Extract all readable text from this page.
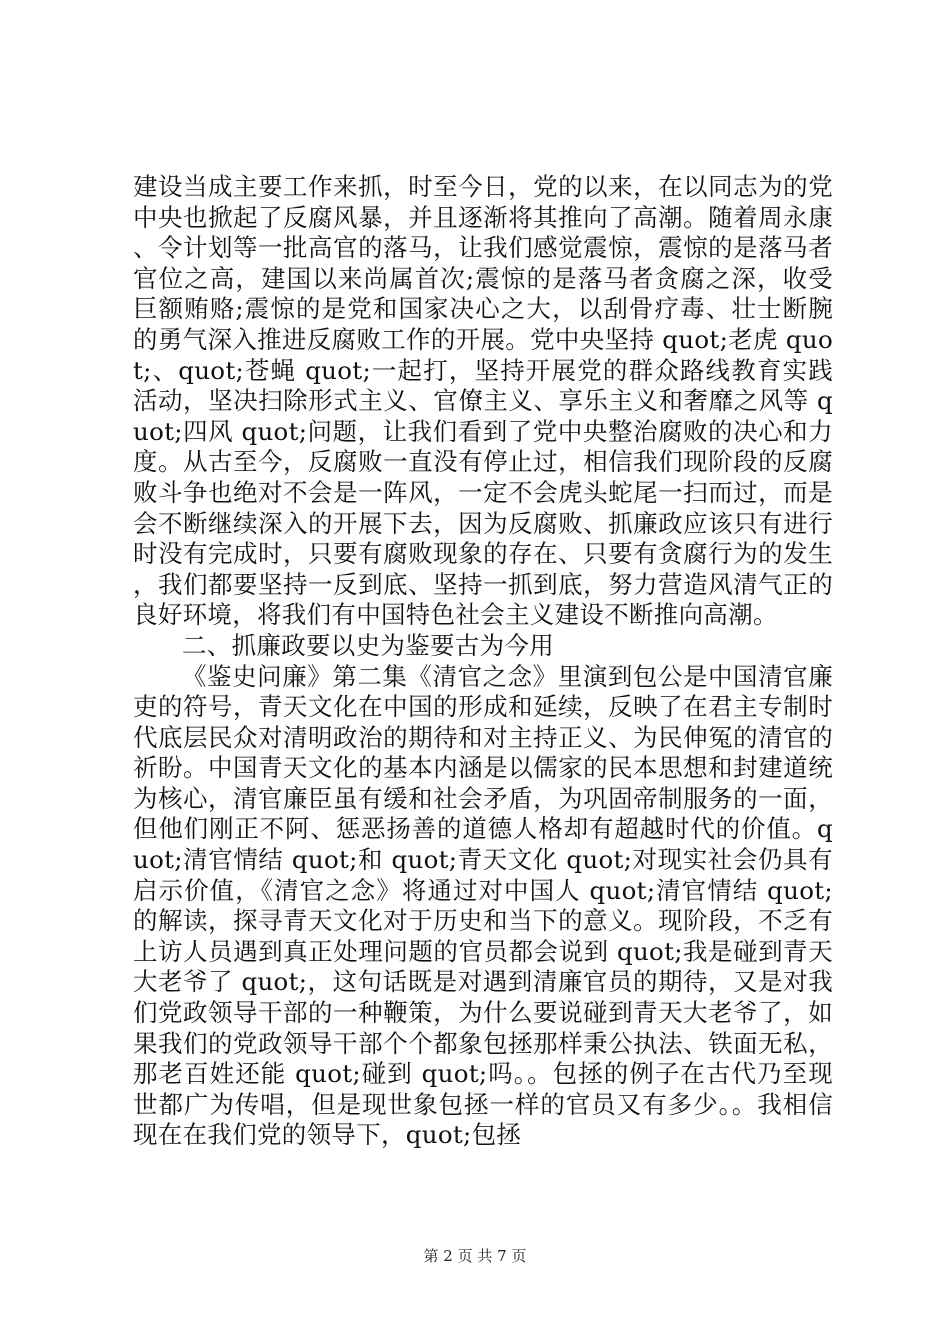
建设当成主要工作来抓，时至今日，党的以来，在以同志为的党中央也掀起了反腐风暴，并且逐渐将其推向了高潮。随着周永康、令计划等一批高官的落马，让我们感觉震惊，震惊的是落马者官位之高，建国以来尚属首次;震惊的是落马者贪腐之深，收受巨额贿赂;震惊的是党和国家决心之大，以刮骨疗毒、壮士断腕的勇气深入推进反腐败工作的开展。党中央坚持 quot;老虎 quot;、quot;苍蝇 quot;一起打，坚持开展党的群众路线教育实践活动，坚决扫除形式主义、官僚主义、享乐主义和奢靡之风等 quot;四风 quot;问题，让我们看到了党中央整治腐败的决心和力度。从古至今，反腐败一直没有停止过，相信我们现阶段的反腐败斗争也绝对不会是一阵风，一定不会虎头蛇尾一扫而过，而是会不断继续深入的开展下去，因为反腐败、抓廉政应该只有进行时没有完成时，只要有腐败现象的存在、只要有贪腐行为的发生，我们都要坚持一反到底、坚持一抓到底，努力营造风清气正的良好环境，将我们有中国特色社会主义建设不断推向高潮。

二、抓廉政要以史为鉴要古为今用

《鉴史问廉》第二集《清官之念》里演到包公是中国清官廉吏的符号，青天文化在中国的形成和延续，反映了在君主专制时代底层民众对清明政治的期待和对主持正义、为民伸冤的清官的祈盼。中国青天文化的基本内涵是以儒家的民本思想和封建道统为核心，清官廉臣虽有缓和社会矛盾，为巩固帝制服务的一面，但他们刚正不阿、惩恶扬善的道德人格却有超越时代的价值。quot;清官情结 quot;和 quot;青天文化 quot;对现实社会仍具有启示价值，《清官之念》将通过对中国人 quot;清官情结 quot;的解读，探寻青天文化对于历史和当下的意义。现阶段，不乏有上访人员遇到真正处理问题的官员都会说到 quot;我是碰到青天大老爷了 quot;，这句话既是对遇到清廉官员的期待，又是对我们党政领导干部的一种鞭策，为什么要说碰到青天大老爷了，如果我们的党政领导干部个个都象包拯那样秉公执法、铁面无私，那老百姓还能 quot;碰到 quot;吗。。包拯的例子在古代乃至现世都广为传唱，但是现世象包拯一样的官员又有多少。。我相信现在在我们党的领导下，quot;包拯

第 2 页 共 7 页
